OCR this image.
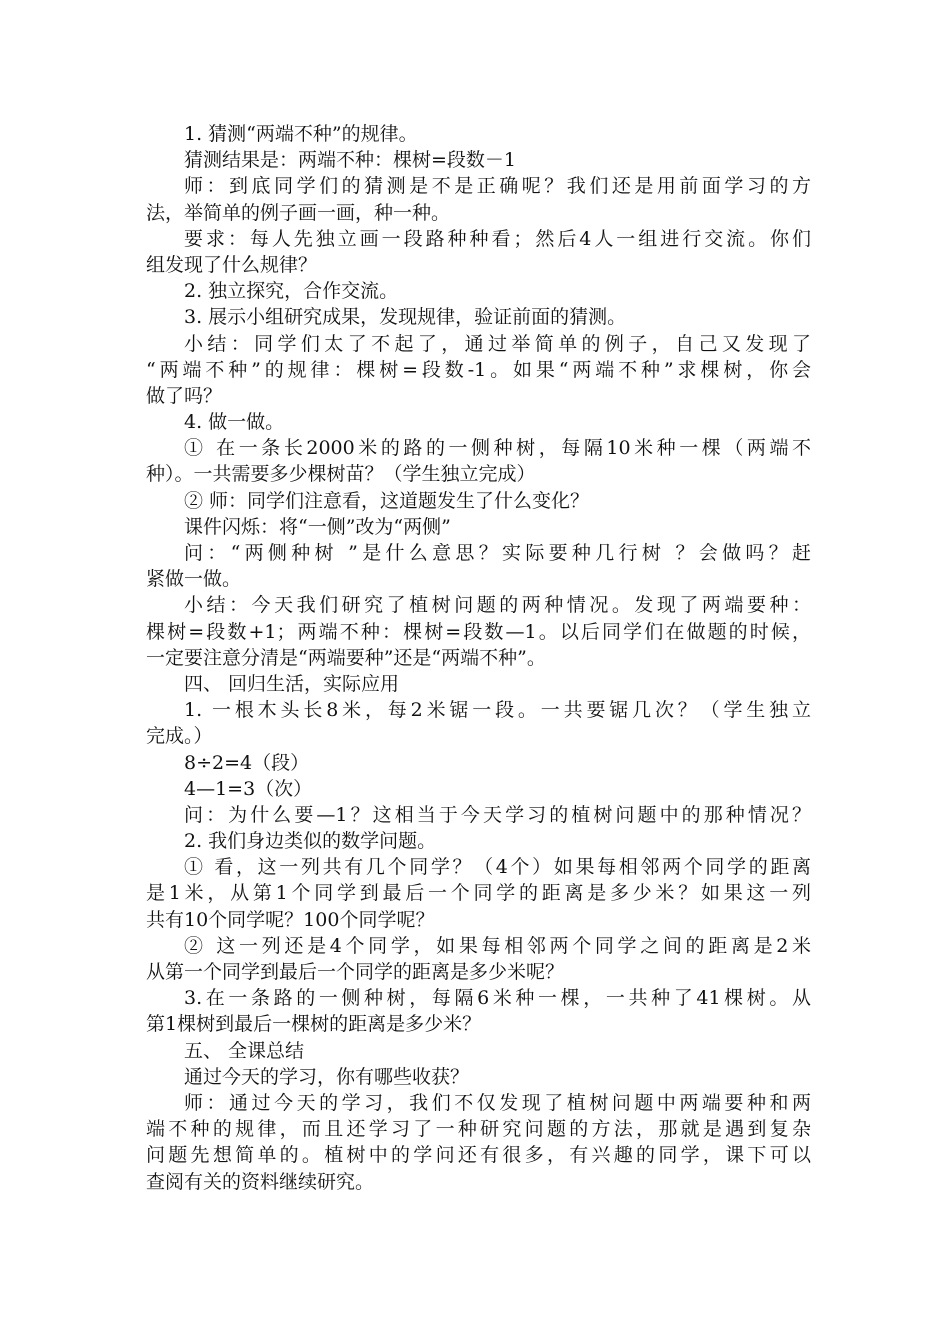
1. 猜测“两端不种”的规律。
猜测结果是：两端不种：棵树=段数－1
师：到底同学们的猜测是不是正确呢？我们还是用前面学习的方
法，举简单的例子画一画，种一种。
要求：每人先独立画一段路种种看；然后4人一组进行交流。你们
组发现了什么规律？
2. 独立探究，合作交流。
3. 展示小组研究成果，发现规律，验证前面的猜测。
小结：同学们太了不起了，通过举简单的例子，自己又发现了
“两端不种”的规律：棵树=段数-1。如果“两端不种”求棵树，你会
做了吗？
4. 做一做。
① 在一条长2000米的路的一侧种树，每隔10米种一棵（两端不
种）。一共需要多少棵树苗？（学生独立完成）
② 师：同学们注意看，这道题发生了什么变化？
课件闪烁：将“一侧”改为“两侧”
问：“两侧种树 ”是什么意思？实际要种几行树 ？会做吗？赶
紧做一做。
小结：今天我们研究了植树问题的两种情况。发现了两端要种：
棵树=段数+1；两端不种：棵树=段数—1。以后同学们在做题的时候，
一定要注意分清是“两端要种”还是“两端不种”。
四、 回归生活，实际应用
1. 一根木头长8米，每2米锯一段。一共要锯几次？（学生独立
完成。）
8÷2=4（段）
4—1=3（次）
问：为什么要—1？这相当于今天学习的植树问题中的那种情况？
2. 我们身边类似的数学问题。
① 看，这一列共有几个同学？（4个）如果每相邻两个同学的距离
是1米，从第1个同学到最后一个同学的距离是多少米？如果这一列
共有10个同学呢？100个同学呢？
② 这一列还是4个同学，如果每相邻两个同学之间的距离是2米
从第一个同学到最后一个同学的距离是多少米呢？
3.在一条路的一侧种树，每隔6米种一棵，一共种了41棵树。从
第1棵树到最后一棵树的距离是多少米？
五、 全课总结
通过今天的学习，你有哪些收获？
师：通过今天的学习，我们不仅发现了植树问题中两端要种和两
端不种的规律，而且还学习了一种研究问题的方法，那就是遇到复杂
问题先想简单的。植树中的学问还有很多，有兴趣的同学，课下可以
查阅有关的资料继续研究。
